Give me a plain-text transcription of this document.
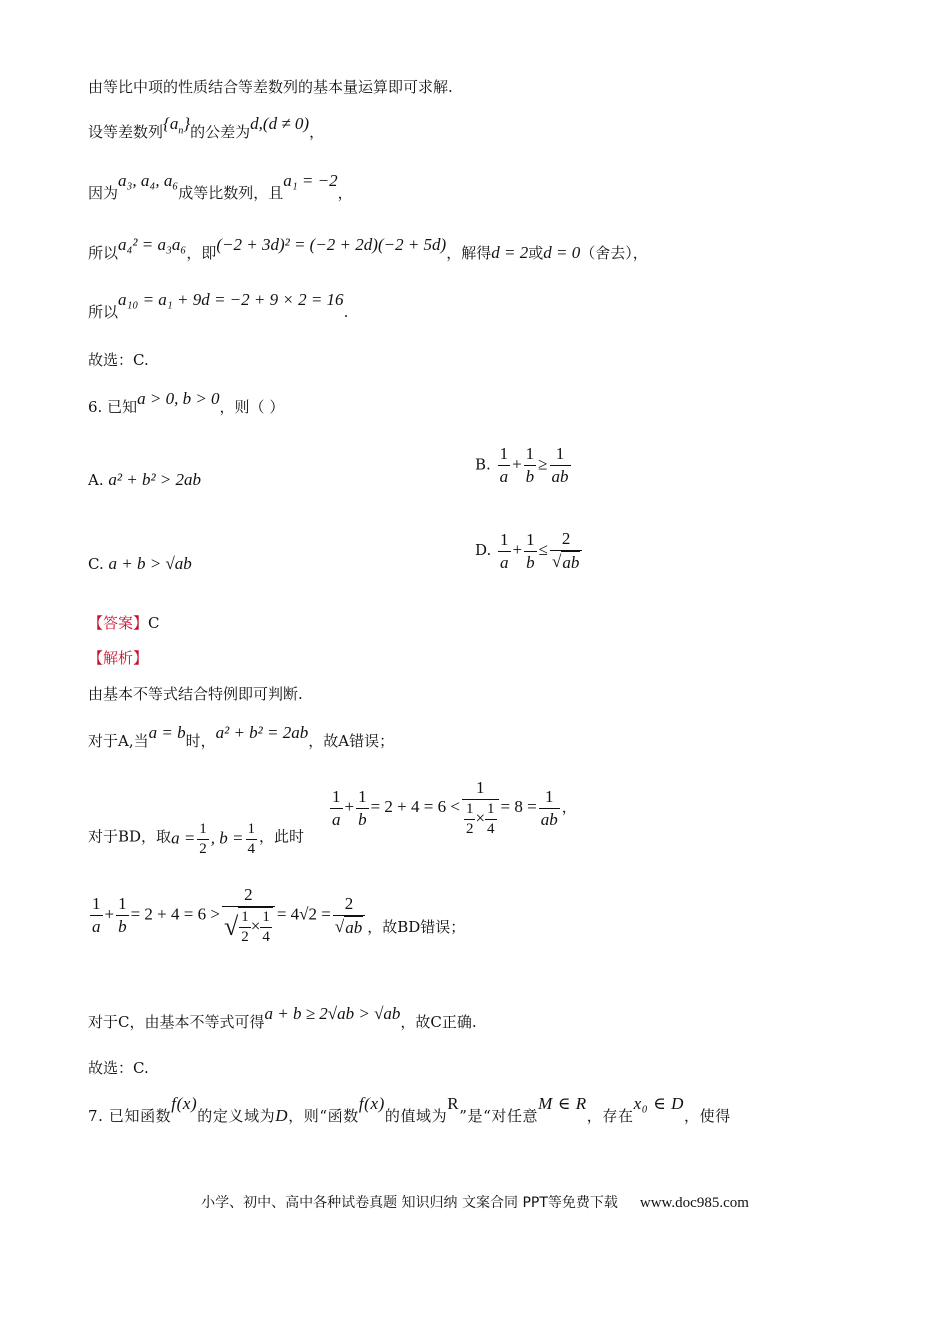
由等比中项的性质结合等差数列的基本量运算即可求解.
设等差数列$\{a_n\}$的公差为d,(d ≠ 0)，
因为a₃, a₄, a₆成等比数列，且a₁ = −2，
所以a₄² = a₃a₆，即(−2 + 3d)² = (−2 + 2d)(−2 + 5d)，解得d = 2或d = 0（舍去），
所以a₁₀ = a₁ + 9d = −2 + 9 × 2 = 16.
故选：C.
6. 已知a > 0, b > 0，则（ ）
A. a² + b² > 2ab
B. $\frac{1}{a} + \frac{1}{b} \ge \frac{1}{ab}$
C. a + b > √ab
D. $\frac{1}{a} + \frac{1}{b} \le \frac{2}{√ ab}$
【答案】C
【解析】
由基本不等式结合特例即可判断.
对于A,当a = b时，a² + b² = 2ab，故A错误；
对于BD，取$a = \frac{1}{2}$ , $b = \frac{1}{4}$ ，此时
$\frac{1}{a} + \frac{1}{b} = 2 + 4 = 6 < \frac{1}{\frac{1}{2} \times \frac{1}{4}} = 8 = \frac{1}{ab}$ ，
$\frac{1}{a} + \frac{1}{b} = 2 + 4 = 6 > \frac{2}{√ \frac{1}{2} \times \frac{1}{4}} = 4√2 = \frac{2}{√ ab}$ ，故BD错误；
对于C，由基本不等式可得a + b ≥ 2√ab > √ab，故C正确.
故选：C.
7. 已知函数f(x)的定义域为D，则“函数f(x)的值域为R”是“对任意M ∈ R，存在x₀ ∈ D，使得
小学、初中、高中各种试卷真题 知识归纳 文案合同 PPT等免费下载 www.doc985.com
